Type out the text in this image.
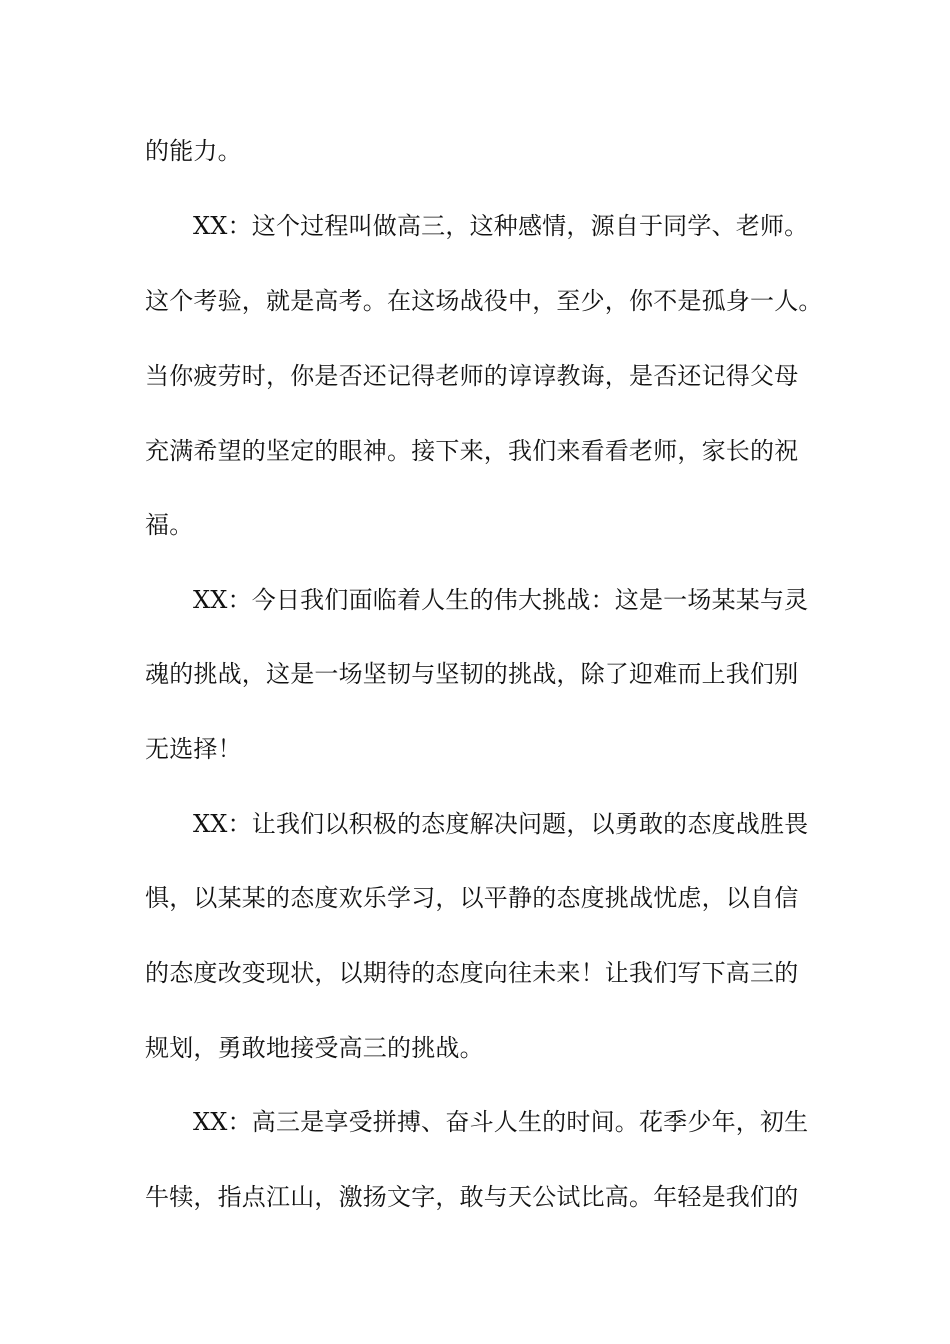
的能力。
XX：这个过程叫做高三，这种感情，源自于同学、老师。
这个考验，就是高考。在这场战役中，至少，你不是孤身一人。
当你疲劳时，你是否还记得老师的谆谆教诲，是否还记得父母
充满希望的坚定的眼神。接下来，我们来看看老师，家长的祝
福。
XX：今日我们面临着人生的伟大挑战：这是一场某某与灵
魂的挑战，这是一场坚韧与坚韧的挑战，除了迎难而上我们别
无选择！
XX：让我们以积极的态度解决问题，以勇敢的态度战胜畏
惧，以某某的态度欢乐学习，以平静的态度挑战忧虑，以自信
的态度改变现状，以期待的态度向往未来！让我们写下高三的
规划，勇敢地接受高三的挑战。
XX：高三是享受拼搏、奋斗人生的时间。花季少年，初生
牛犊，指点江山，激扬文字，敢与天公试比高。年轻是我们的
